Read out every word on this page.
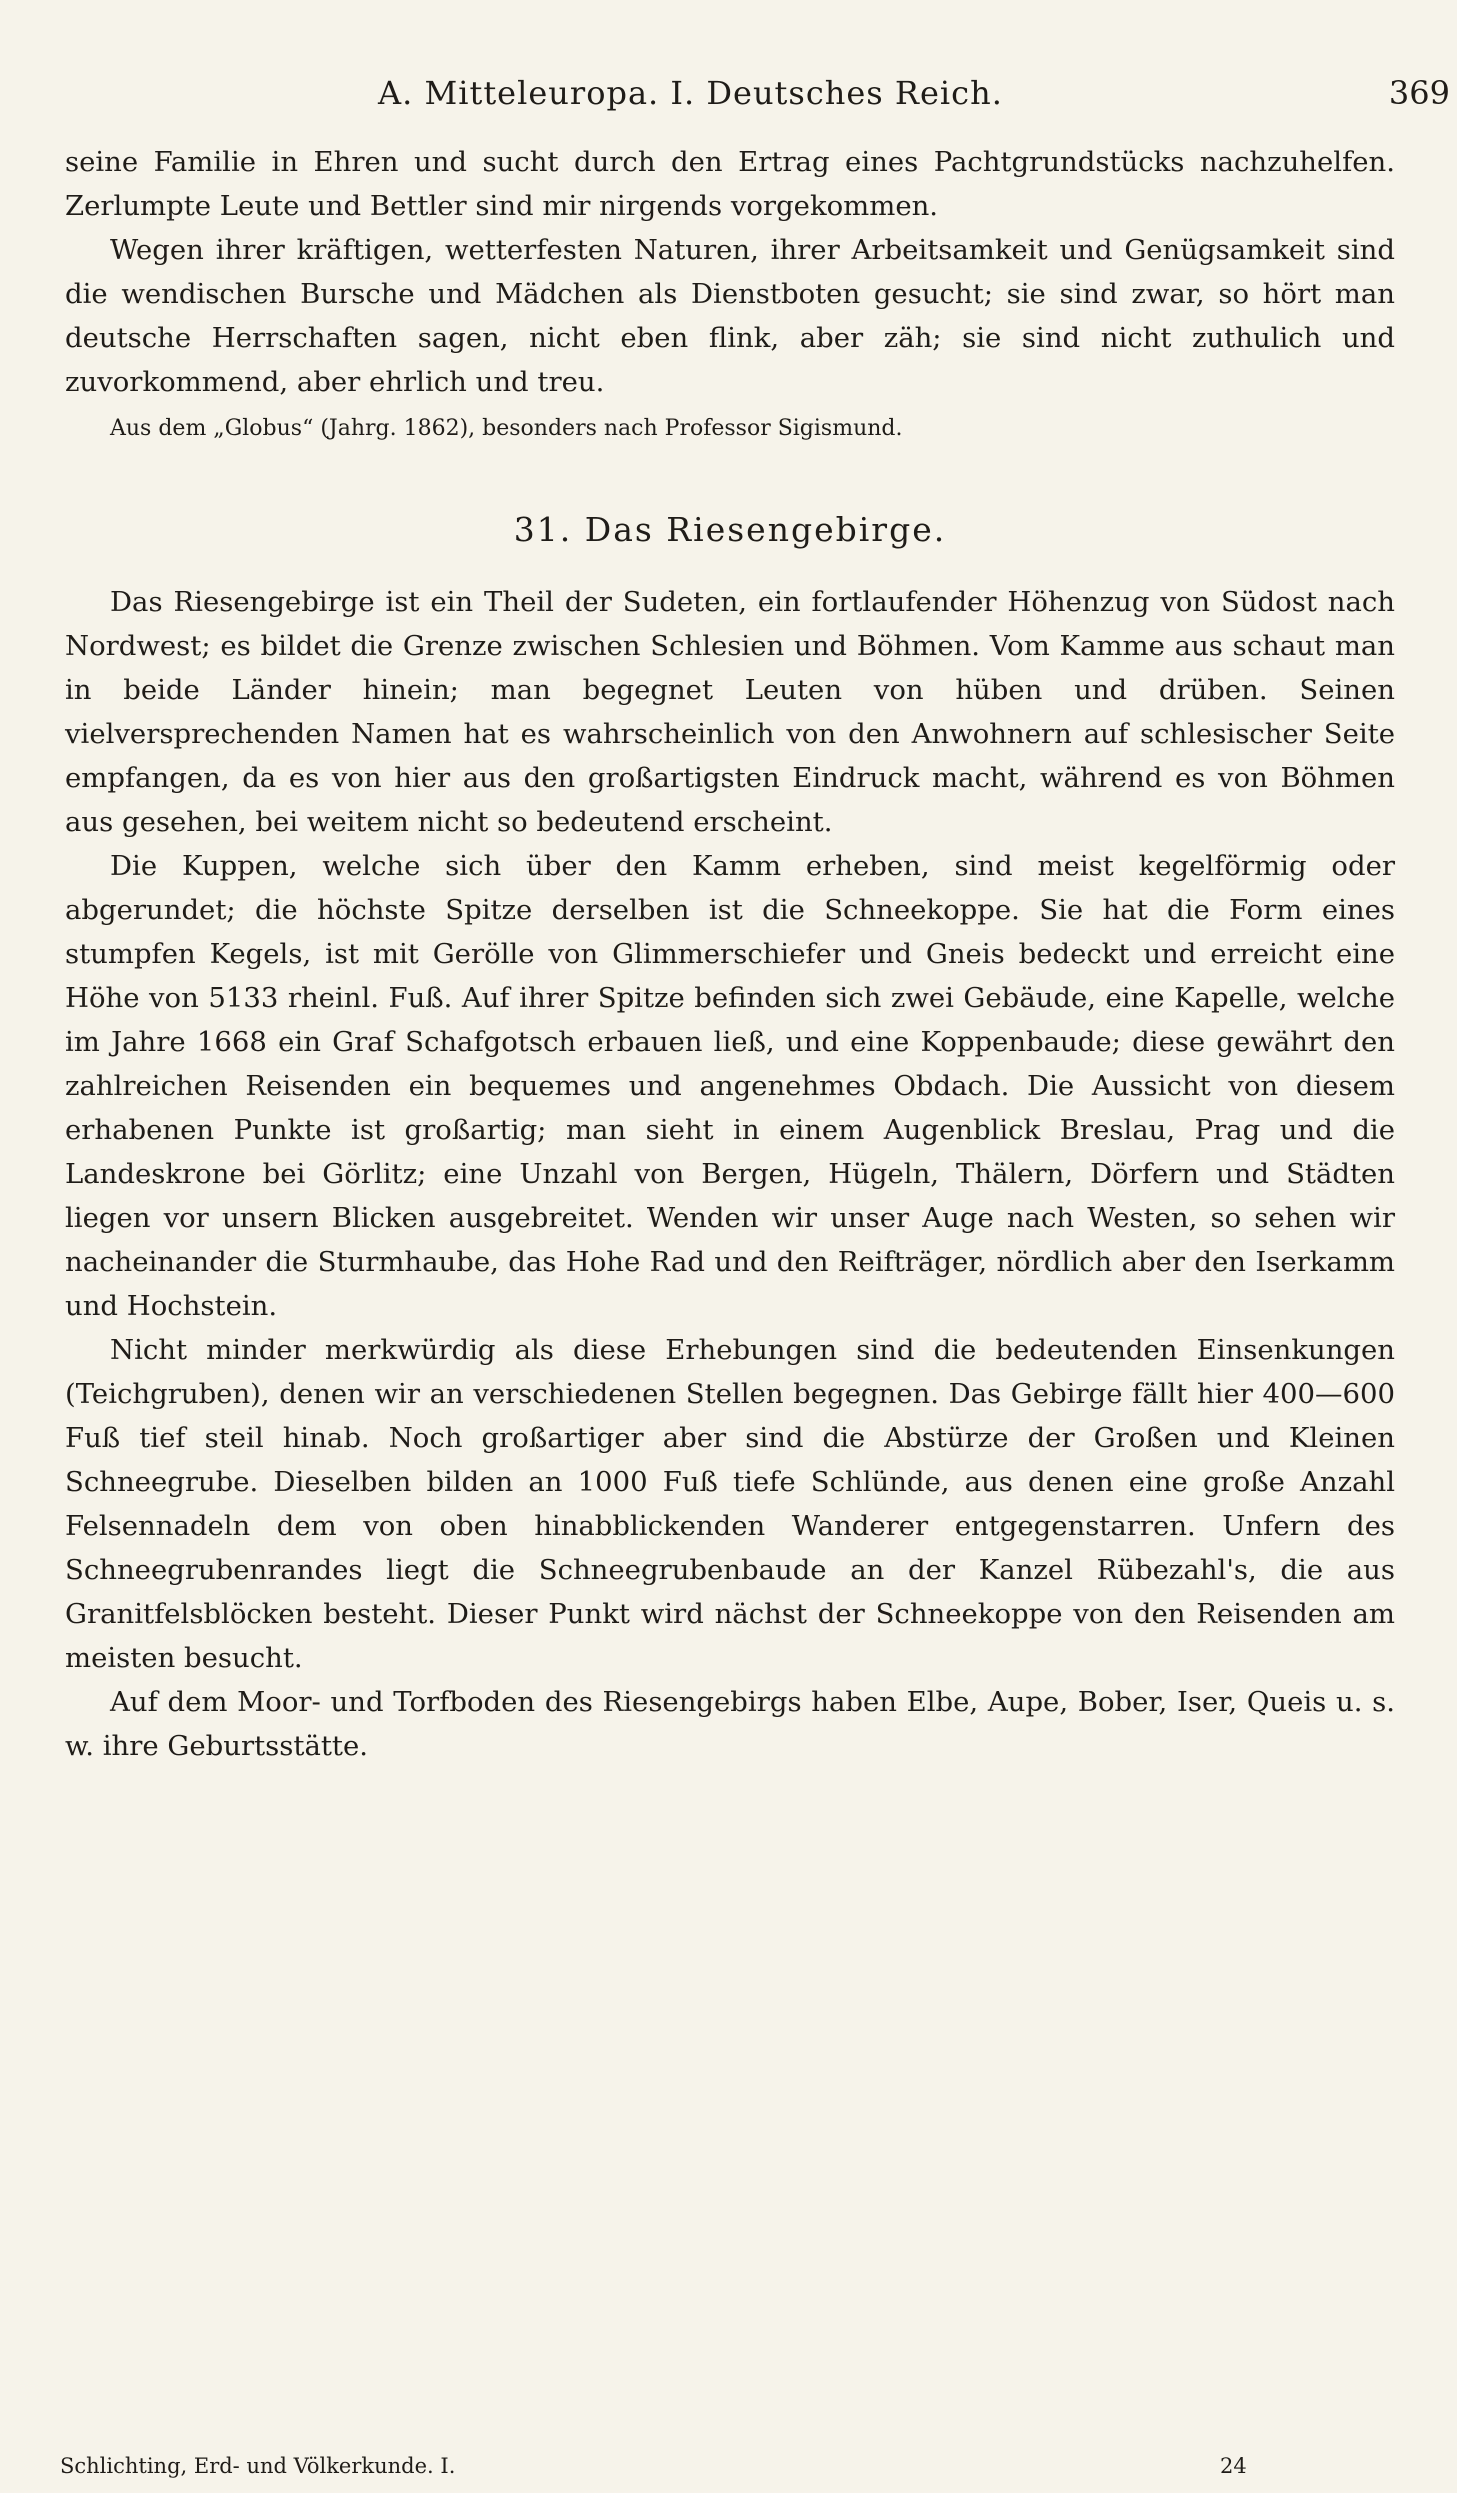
A. Mitteleuropa. I. Deutsches Reich.	369

seine Familie in Ehren und sucht durch den Ertrag eines Pachtgrundstücks nachzuhelfen. Zerlumpte Leute und Bettler sind mir nirgends vorgekommen.

Wegen ihrer kräftigen, wetterfesten Naturen, ihrer Arbeitsamkeit und Genügsamkeit sind die wendischen Bursche und Mädchen als Dienstboten gesucht; sie sind zwar, so hört man deutsche Herrschaften sagen, nicht eben flink, aber zäh; sie sind nicht zuthulich und zuvorkommend, aber ehrlich und treu.

Aus dem „Globus“ (Jahrg. 1862), besonders nach Professor Sigismund.

31. Das Riesengebirge.

Das Riesengebirge ist ein Theil der Sudeten, ein fortlaufender Höhenzug von Südost nach Nordwest; es bildet die Grenze zwischen Schlesien und Böhmen. Vom Kamme aus schaut man in beide Länder hinein; man begegnet Leuten von hüben und drüben. Seinen vielversprechenden Namen hat es wahrscheinlich von den Anwohnern auf schlesischer Seite empfangen, da es von hier aus den großartigsten Eindruck macht, während es von Böhmen aus gesehen, bei weitem nicht so bedeutend erscheint.

Die Kuppen, welche sich über den Kamm erheben, sind meist kegelförmig oder abgerundet; die höchste Spitze derselben ist die Schneekoppe. Sie hat die Form eines stumpfen Kegels, ist mit Gerölle von Glimmerschiefer und Gneis bedeckt und erreicht eine Höhe von 5133 rheinl. Fuß. Auf ihrer Spitze befinden sich zwei Gebäude, eine Kapelle, welche im Jahre 1668 ein Graf Schafgotsch erbauen ließ, und eine Koppenbaude; diese gewährt den zahlreichen Reisenden ein bequemes und angenehmes Obdach. Die Aussicht von diesem erhabenen Punkte ist großartig; man sieht in einem Augenblick Breslau, Prag und die Landeskrone bei Görlitz; eine Unzahl von Bergen, Hügeln, Thälern, Dörfern und Städten liegen vor unsern Blicken ausgebreitet. Wenden wir unser Auge nach Westen, so sehen wir nacheinander die Sturmhaube, das Hohe Rad und den Reifträger, nördlich aber den Iserkamm und Hochstein.

Nicht minder merkwürdig als diese Erhebungen sind die bedeutenden Einsenkungen (Teichgruben), denen wir an verschiedenen Stellen begegnen. Das Gebirge fällt hier 400—600 Fuß tief steil hinab. Noch großartiger aber sind die Abstürze der Großen und Kleinen Schneegrube. Dieselben bilden an 1000 Fuß tiefe Schlünde, aus denen eine große Anzahl Felsennadeln dem von oben hinabblickenden Wanderer entgegenstarren. Unfern des Schneegrubenrandes liegt die Schneegrubenbaude an der Kanzel Rübezahl's, die aus Granitfelsblöcken besteht. Dieser Punkt wird nächst der Schneekoppe von den Reisenden am meisten besucht.

Auf dem Moor- und Torfboden des Riesengebirgs haben Elbe, Aupe, Bober, Iser, Queis u. s. w. ihre Geburtsstätte.

Schlichting, Erd- und Völkerkunde. I.	24
